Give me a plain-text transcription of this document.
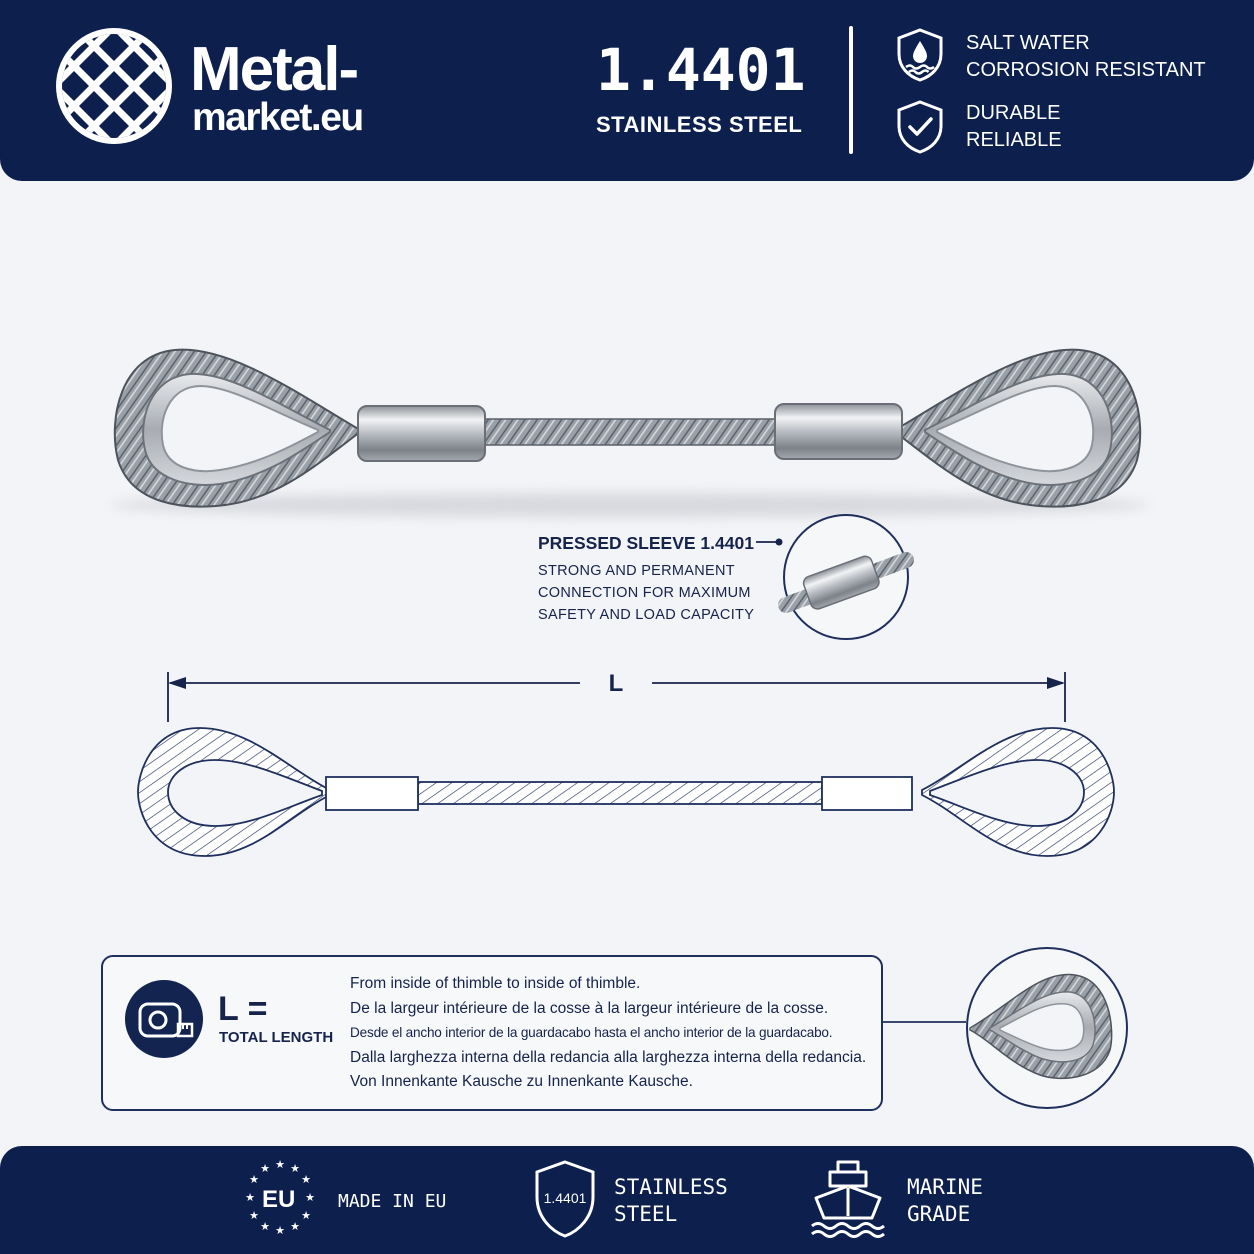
Metal-
market.eu
1.4401
STAINLESS STEEL
SALT WATER
CORROSION RESISTANT
DURABLE
RELIABLE
PRESSED SLEEVE 1.4401
STRONG AND PERMANENT
CONNECTION FOR MAXIMUM
SAFETY AND LOAD CAPACITY
L
L =
TOTAL LENGTH
From inside of thimble to inside of thimble.
De la largeur intérieure de la cosse à la largeur intérieure de la cosse.
Desde el ancho interior de la guardacabo hasta el ancho interior de la guardacabo.
Dalla larghezza interna della redancia alla larghezza interna della redancia.
Von Innenkante Kausche zu Innenkante Kausche.
★ ★
★
★
★
★
★
★
★
★
★
★
EU MADE IN EU	1.4401 STAINLESS
STEEL
MARINE
GRADE
